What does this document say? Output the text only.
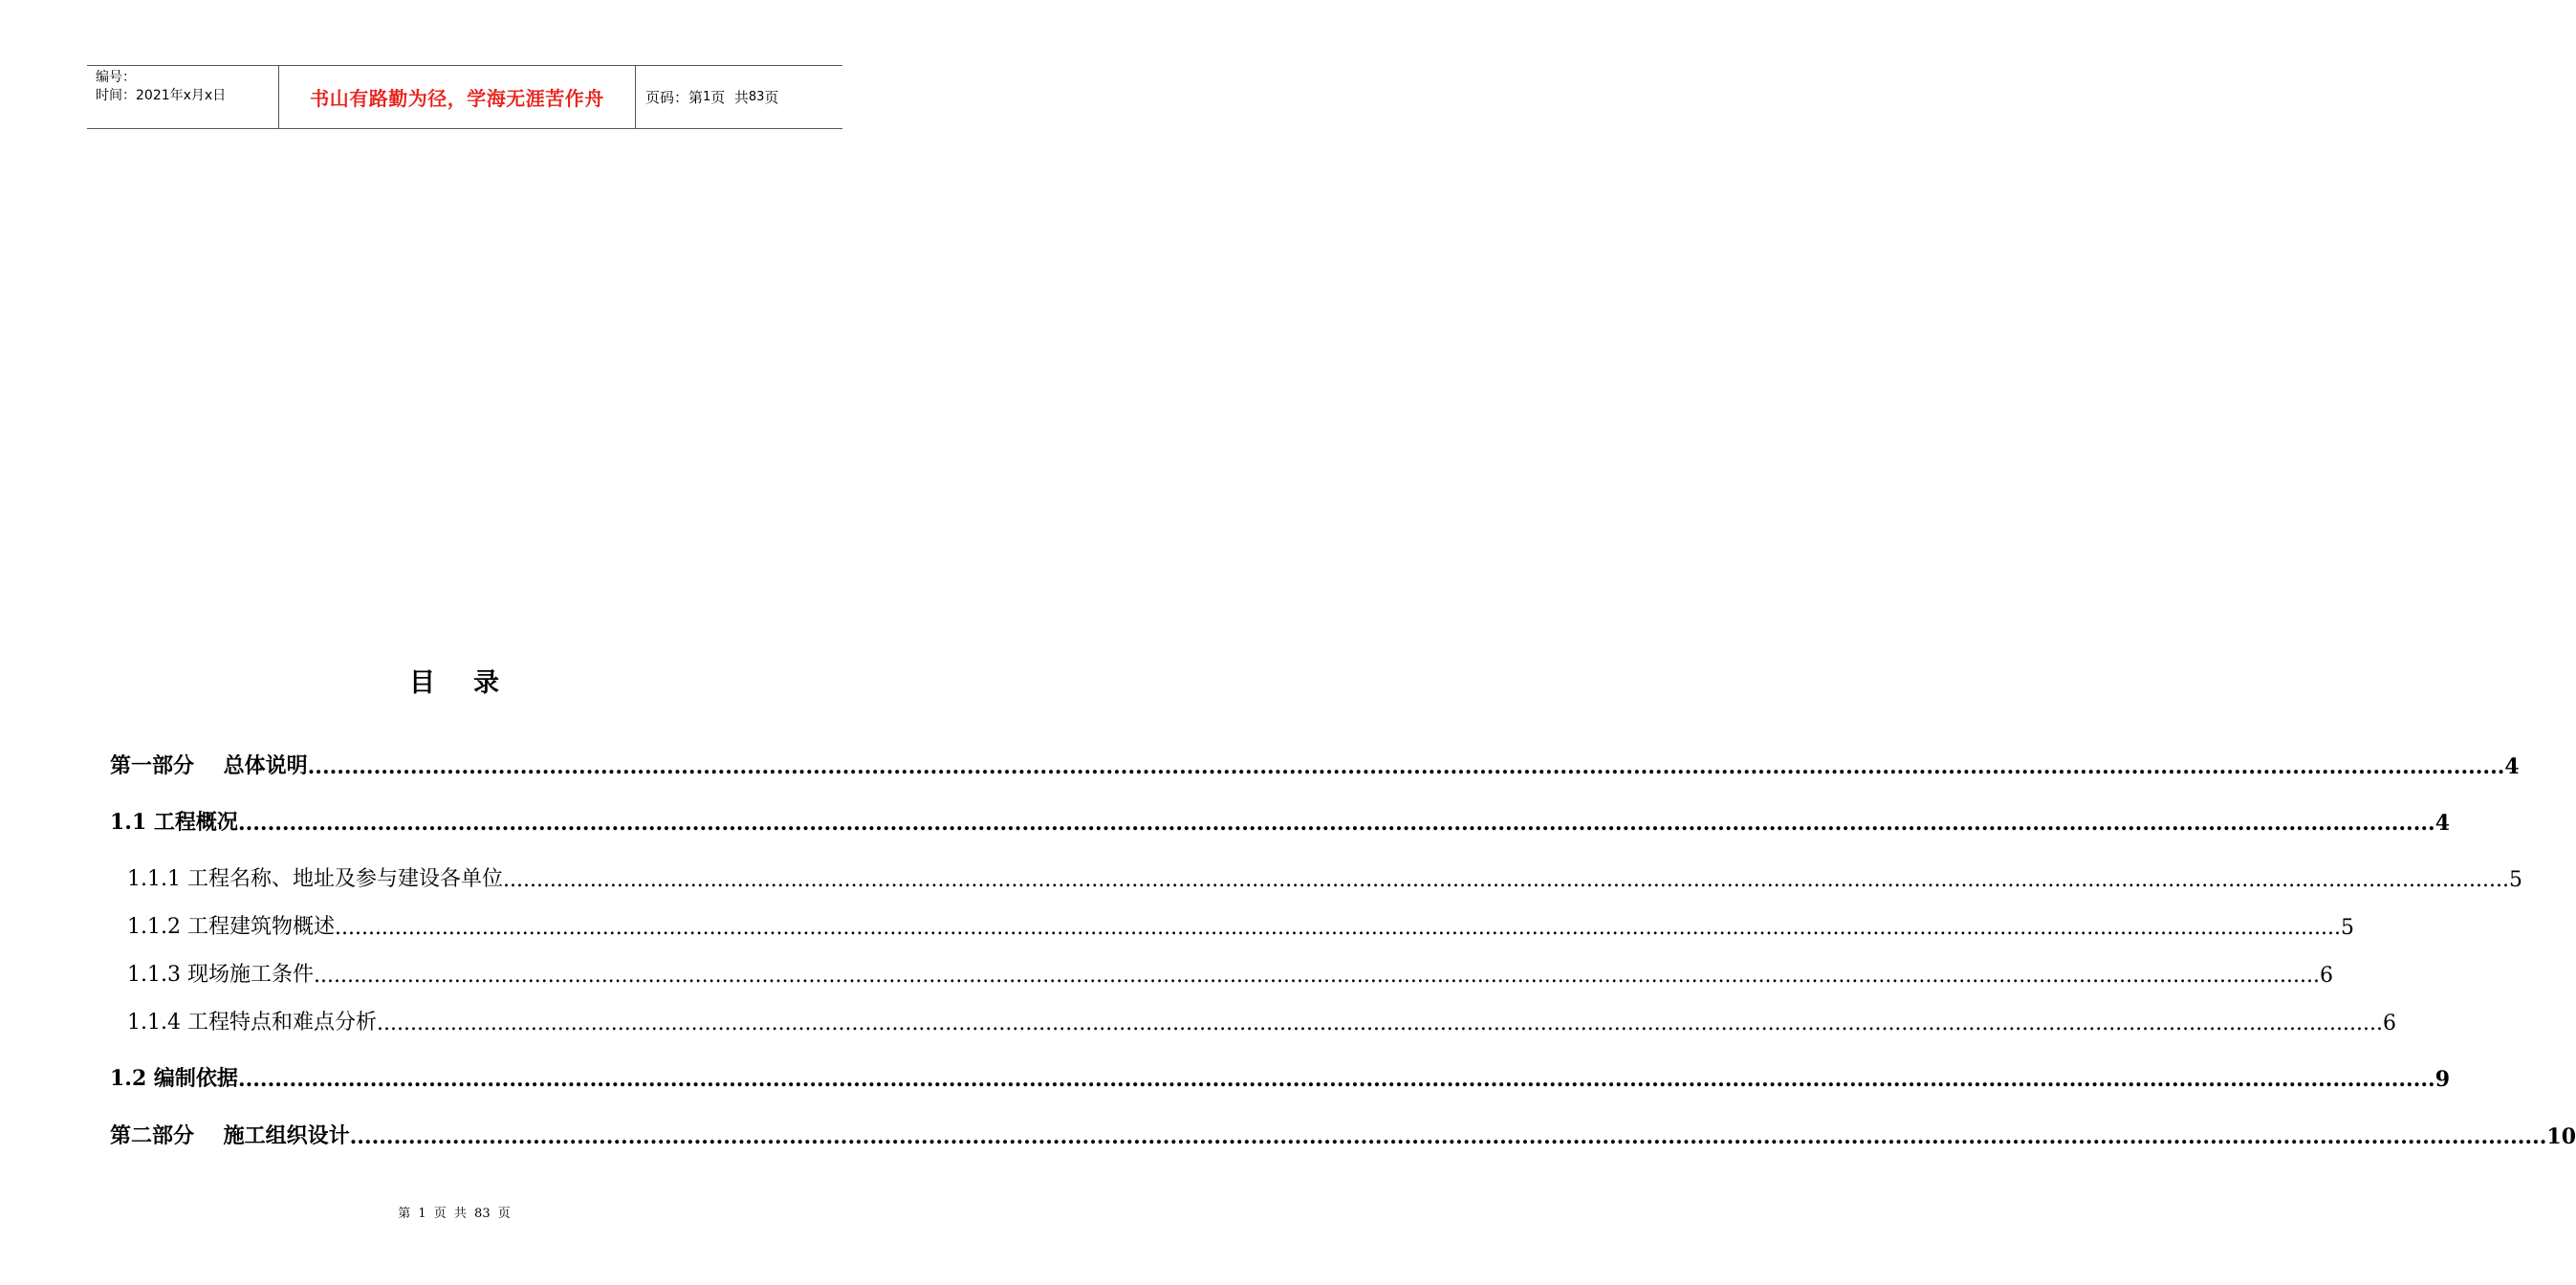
编号：
时间：2021年x月x日	书山有路勤为径，学海无涯苦作舟	页码：第 1 页  共 83 页
目录
第一部分    总体说明 ............................................................................................................................................................................................................................................................................................................ 4
1.1 工程概况 ............................................................................................................................................................................................................................................................................................................ 4
1.1.1 工程名称、地址及参与建设各单位 ............................................................................................................................................................................................................................................................................................................ 5
1.1.2 工程建筑物概述 ............................................................................................................................................................................................................................................................................................................ 5
1.1.3 现场施工条件 ............................................................................................................................................................................................................................................................................................................ 6
1.1.4 工程特点和难点分析 ............................................................................................................................................................................................................................................................................................................ 6
1.2 编制依据 ............................................................................................................................................................................................................................................................................................................ 9
第二部分    施工组织设计 ............................................................................................................................................................................................................................................................................................................ 10
第 1 页 共 83 页
